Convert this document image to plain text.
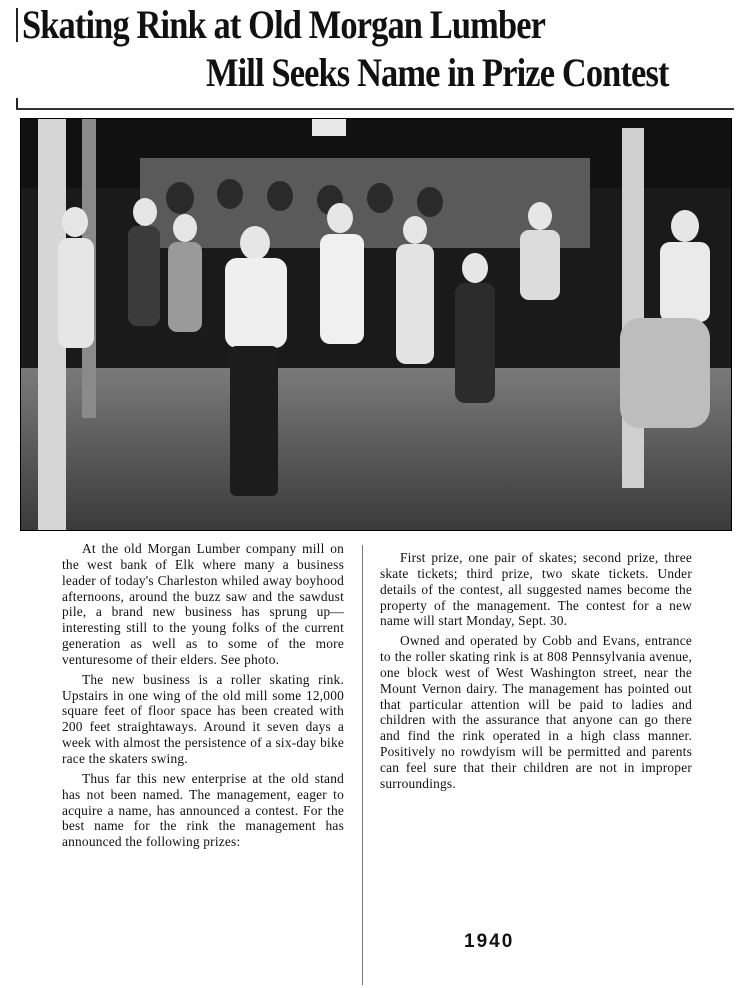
Skating Rink at Old Morgan Lumber
Mill Seeks Name in Prize Contest

At the old Morgan Lumber company mill on the west bank of Elk where many a business leader of today's Charleston whiled away boyhood afternoons, around the buzz saw and the sawdust pile, a brand new business has sprung up—interesting still to the young folks of the current generation as well as to some of the more venturesome of their elders. See photo.

The new business is a roller skating rink. Upstairs in one wing of the old mill some 12,000 square feet of floor space has been created with 200 feet straightaways. Around it seven days a week with almost the persistence of a six-day bike race the skaters swing.

Thus far this new enterprise at the old stand has not been named. The management, eager to acquire a name, has announced a contest. For the best name for the rink the management has announced the following prizes:

First prize, one pair of skates; second prize, three skate tickets; third prize, two skate tickets. Under details of the contest, all suggested names become the property of the management. The contest for a new name will start Monday, Sept. 30.

Owned and operated by Cobb and Evans, entrance to the roller skating rink is at 808 Pennsylvania avenue, one block west of West Washington street, near the Mount Vernon dairy. The management has pointed out that particular attention will be paid to ladies and children with the assurance that anyone can go there and find the rink operated in a high class manner. Positively no rowdyism will be permitted and parents can feel sure that their children are not in improper surroundings.

1940
